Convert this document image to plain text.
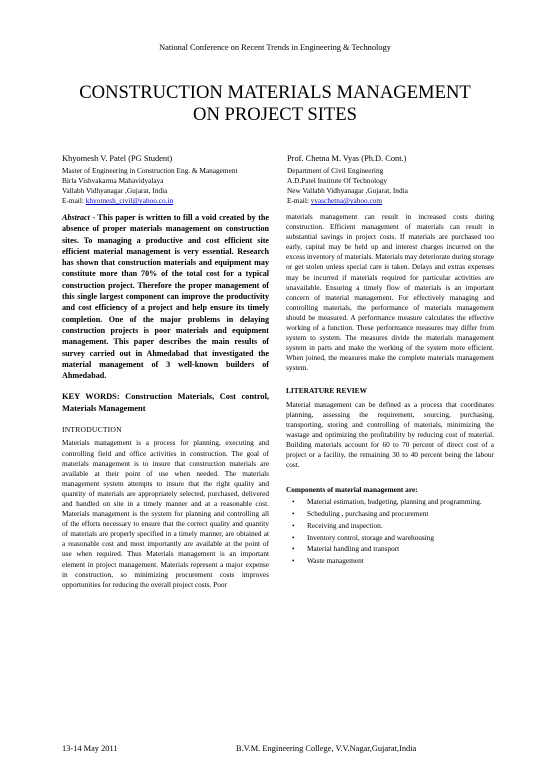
National Conference on Recent Trends in Engineering & Technology
CONSTRUCTION MATERIALS MANAGEMENT
ON PROJECT SITES
Khyomesh V. Patel (PG Student)
Master of Engineering in Construction Eng. & Management
Birla Vishvakarma Mahavidyalaya
Vallabh Vidhyanagar ,Gujarat, India
E-mail: khyomesh_civil@yahoo.co.in
Prof. Chetna M. Vyas (Ph.D. Cont.)
Department of Civil Engineering
A.D.Patel Institute Of Technology
New Vallabh Vidhyanagar ,Gujarat, India
E-mail: vyaschetna@yahoo.com

Abstract - This paper is written to fill a void created by the absence of proper materials management on construction sites. To managing a productive and cost efficient site efficient material management is very essential. Research has shown that construction materials and equipment may constitute more than 70% of the total cost for a typical construction project. Therefore the proper management of this single largest component can improve the productivity and cost efficiency of a project and help ensure its timely completion. One of the major problems in delaying construction projects is poor materials and equipment management. This paper describes the main results of survey carried out in Ahmedabad that investigated the material management of 3 well-known builders of Ahmedabad.

KEY WORDS: Construction Materials, Cost control, Materials Management

INTRODUCTION

Materials management is a process for planning, executing and controlling field and office activities in construction. The goal of materials management is to insure that construction materials are available at their point of use when needed. The materials management system attempts to insure that the right quality and quantity of materials are appropriately selected, purchased, delivered and handled on site in a timely manner and at a reasonable cost. Materials management is the system for planning and controlling all of the efforts necessary to ensure that the correct quality and quantity of materials are properly specified in a timely manner, are obtained at a reasonable cost and most importantly are available at the point of use when required. Thus Materials management is an important element in project management. Materials represent a major expense in construction, so minimizing procurement costs improves opportunities for reducing the overall project costs. Poor

materials management can result in increased costs during construction. Efficient management of materials can result in substantial savings in project costs. If materials are purchased too early, capital may be held up and interest charges incurred on the excess inventory of materials. Materials may deteriorate during storage or get stolen unless special care is taken. Delays and extras expenses may be incurred if materials required for particular activities are unavailable. Ensuring a timely flow of materials is an important concern of material management. For effectively managing and controlling materials, the performance of materials management should be measured. A performance measure calculates the effective working of a function. These performance measures may differ from system to system. The measures divide the materials management system in parts and make the working of the system more efficient. When joined, the measures make the complete materials management system.

LITERATURE REVIEW

Material management can be defined as a process that coordinates planning, assessing the requirement, sourcing, purchasing, transporting, storing and controlling of materials, minimizing the wastage and optimizing the profitability by reducing cost of material. Building materials account for 60 to 70 percent of direct cost of a project or a facility, the remaining 30 to 40 percent being the labour cost.

Components of material management are:
• Material estimation, budgeting, planning and programming.
• Scheduling , purchasing and procurement
• Receiving and inspection.
• Inventory control, storage and warehousing
• Material handling and transport
• Waste management
13-14 May 2011	B.V.M. Engineering College, V.V.Nagar,Gujarat,India
